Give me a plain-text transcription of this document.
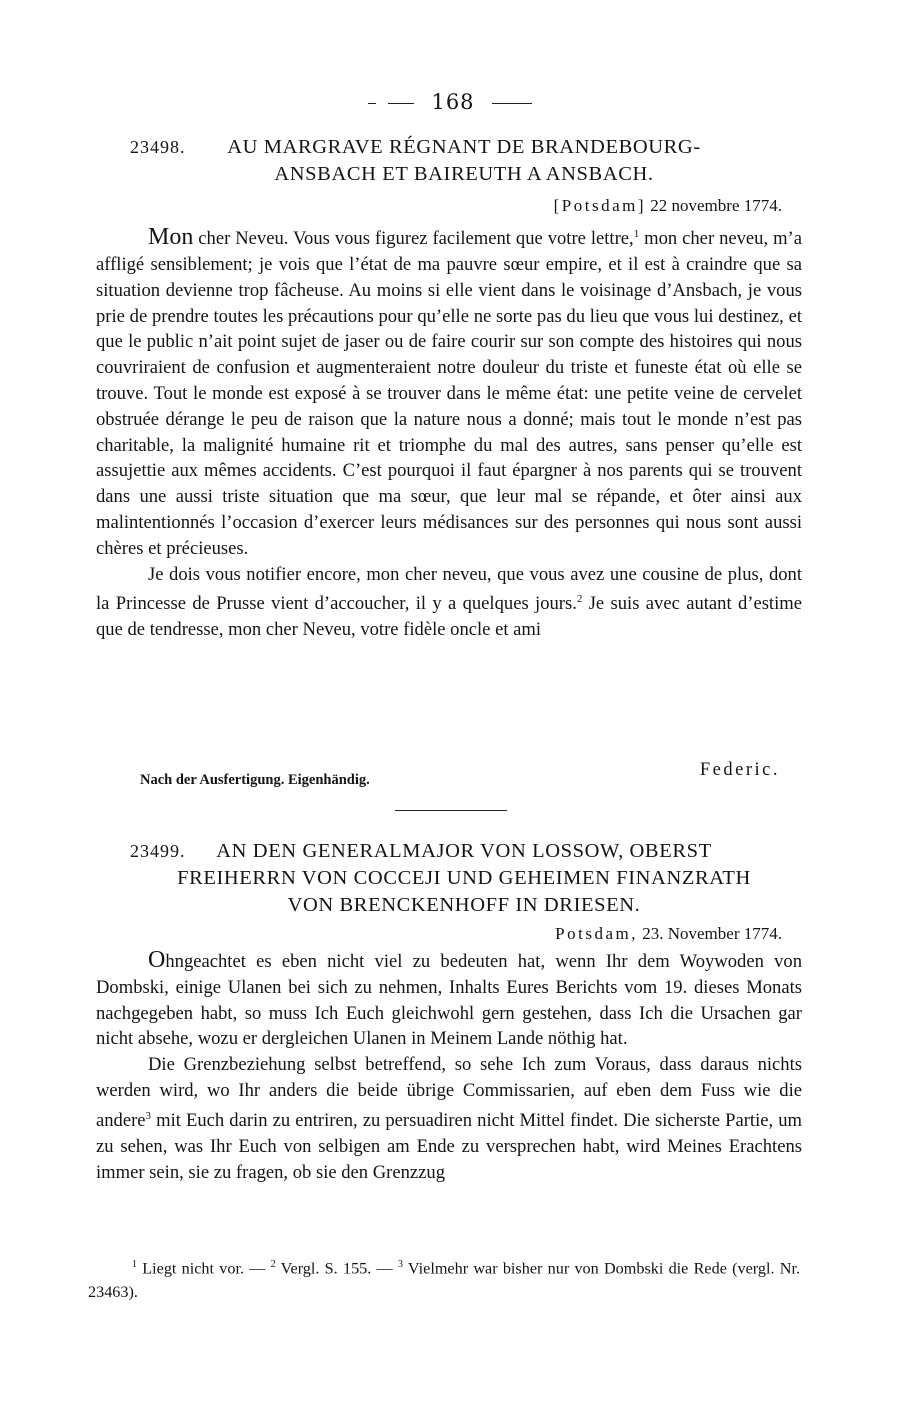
168
23498.	AU MARGRAVE RÉGNANT DE BRANDEBOURG-
ANSBACH ET BAIREUTH A ANSBACH.
[Potsdam] 22 novembre 1774.

Mon cher Neveu. Vous vous figurez facilement que votre lettre,$^1$ mon cher neveu, m’a affligé sensiblement; je vois que l’état de ma pauvre sœur empire, et il est à craindre que sa situation devienne trop fâcheuse. Au moins si elle vient dans le voisinage d’Ansbach, je vous prie de prendre toutes les précautions pour qu’elle ne sorte pas du lieu que vous lui destinez, et que le public n’ait point sujet de jaser ou de faire courir sur son compte des histoires qui nous couvriraient de confusion et augmenteraient notre douleur du triste et funeste état où elle se trouve. Tout le monde est exposé à se trouver dans le même état: une petite veine de cervelet obstruée dérange le peu de raison que la nature nous a donné; mais tout le monde n’est pas charitable, la malignité humaine rit et triomphe du mal des autres, sans penser qu’elle est assujettie aux mêmes accidents. C’est pourquoi il faut épargner à nos parents qui se trouvent dans une aussi triste situation que ma sœur, que leur mal se répande, et ôter ainsi aux malintentionnés l’occasion d’exercer leurs médisances sur des personnes qui nous sont aussi chères et précieuses.

Je dois vous notifier encore, mon cher neveu, que vous avez une cousine de plus, dont la Princesse de Prusse vient d’accoucher, il y a quelques jours.$^2$ Je suis avec autant d’estime que de tendresse, mon cher Neveu, votre fidèle oncle et ami

Federic.
Nach der Ausfertigung. Eigenhändig.
23499.	AN DEN GENERALMAJOR VON LOSSOW, OBERST
FREIHERRN VON COCCEJI UND GEHEIMEN FINANZRATH
VON BRENCKENHOFF IN DRIESEN.
Potsdam, 23. November 1774.

Ohngeachtet es eben nicht viel zu bedeuten hat, wenn Ihr dem Woywoden von Dombski, einige Ulanen bei sich zu nehmen, Inhalts Eures Berichts vom 19. dieses Monats nachgegeben habt, so muss Ich Euch gleichwohl gern gestehen, dass Ich die Ursachen gar nicht absehe, wozu er dergleichen Ulanen in Meinem Lande nöthig hat.

Die Grenzbeziehung selbst betreffend, so sehe Ich zum Voraus, dass daraus nichts werden wird, wo Ihr anders die beide übrige Commissarien, auf eben dem Fuss wie die andere$^3$ mit Euch darin zu entriren, zu persuadiren nicht Mittel findet. Die sicherste Partie, um zu sehen, was Ihr Euch von selbigen am Ende zu versprechen habt, wird Meines Erachtens immer sein, sie zu fragen, ob sie den Grenzzug

$^1$ Liegt nicht vor. — $^2$ Vergl. S. 155. — $^3$ Vielmehr war bisher nur von Dombski die Rede (vergl. Nr. 23463).
